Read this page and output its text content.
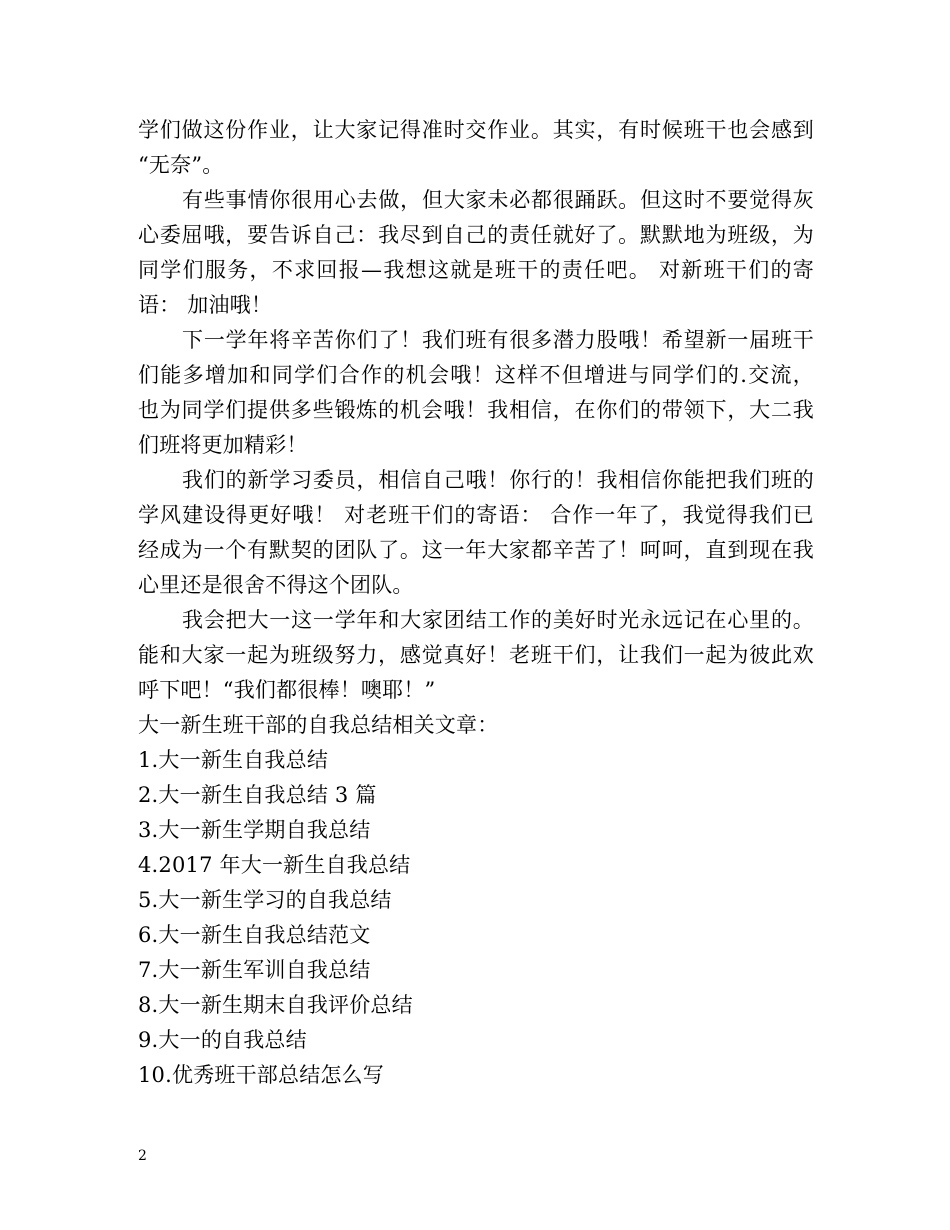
学们做这份作业，让大家记得准时交作业。其实，有时候班干也会感到
“无奈”。
有些事情你很用心去做，但大家未必都很踊跃。但这时不要觉得灰
心委屈哦，要告诉自己：我尽到自己的责任就好了。默默地为班级，为
同学们服务，不求回报—我想这就是班干的责任吧。 对新班干们的寄
语： 加油哦！
下一学年将辛苦你们了！我们班有很多潜力股哦！希望新一届班干
们能多增加和同学们合作的机会哦！这样不但增进与同学们的.交流，
也为同学们提供多些锻炼的机会哦！我相信，在你们的带领下，大二我
们班将更加精彩！
我们的新学习委员，相信自己哦！你行的！我相信你能把我们班的
学风建设得更好哦！ 对老班干们的寄语： 合作一年了，我觉得我们已
经成为一个有默契的团队了。这一年大家都辛苦了！呵呵，直到现在我
心里还是很舍不得这个团队。
我会把大一这一学年和大家团结工作的美好时光永远记在心里的。
能和大家一起为班级努力，感觉真好！老班干们，让我们一起为彼此欢
呼下吧！“我们都很棒！噢耶！”
大一新生班干部的自我总结相关文章：
1.大一新生自我总结
2.大一新生自我总结 3 篇
3.大一新生学期自我总结
4.2017 年大一新生自我总结
5.大一新生学习的自我总结
6.大一新生自我总结范文
7.大一新生军训自我总结
8.大一新生期末自我评价总结
9.大一的自我总结
10.优秀班干部总结怎么写
2
